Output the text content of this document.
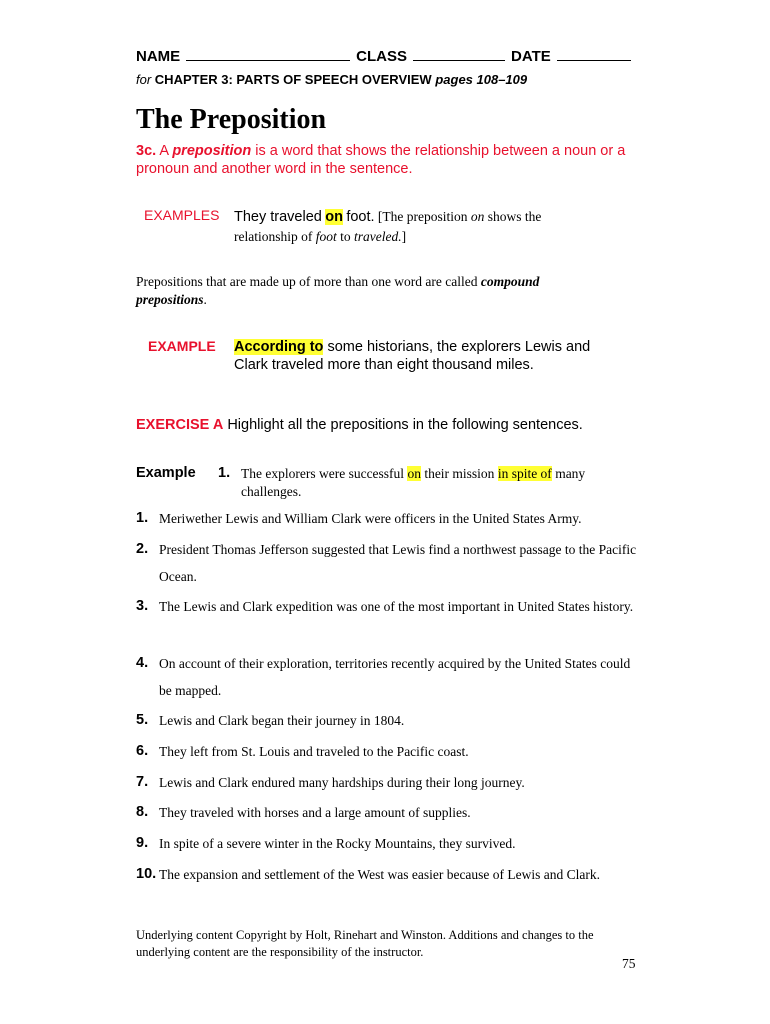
NAME	CLASS	DATE
for CHAPTER 3: PARTS OF SPEECH OVERVIEW pages 108–109
The Preposition
3c. A preposition is a word that shows the relationship between a noun or a pronoun and another word in the sentence.
EXAMPLES They traveled on foot. [The preposition on shows the relationship of foot to traveled.]
Prepositions that are made up of more than one word are called compound prepositions.
EXAMPLE According to some historians, the explorers Lewis and Clark traveled more than eight thousand miles.
EXERCISE A Highlight all the prepositions in the following sentences.
Example 1. The explorers were successful on their mission in spite of many challenges.
1. Meriwether Lewis and William Clark were officers in the United States Army.
2. President Thomas Jefferson suggested that Lewis find a northwest passage to the Pacific Ocean.
3. The Lewis and Clark expedition was one of the most important in United States history.
4. On account of their exploration, territories recently acquired by the United States could be mapped.
5. Lewis and Clark began their journey in 1804.
6. They left from St. Louis and traveled to the Pacific coast.
7. Lewis and Clark endured many hardships during their long journey.
8. They traveled with horses and a large amount of supplies.
9. In spite of a severe winter in the Rocky Mountains, they survived.
10. The expansion and settlement of the West was easier because of Lewis and Clark.
Underlying content Copyright by Holt, Rinehart and Winston. Additions and changes to the underlying content are the responsibility of the instructor.
75
